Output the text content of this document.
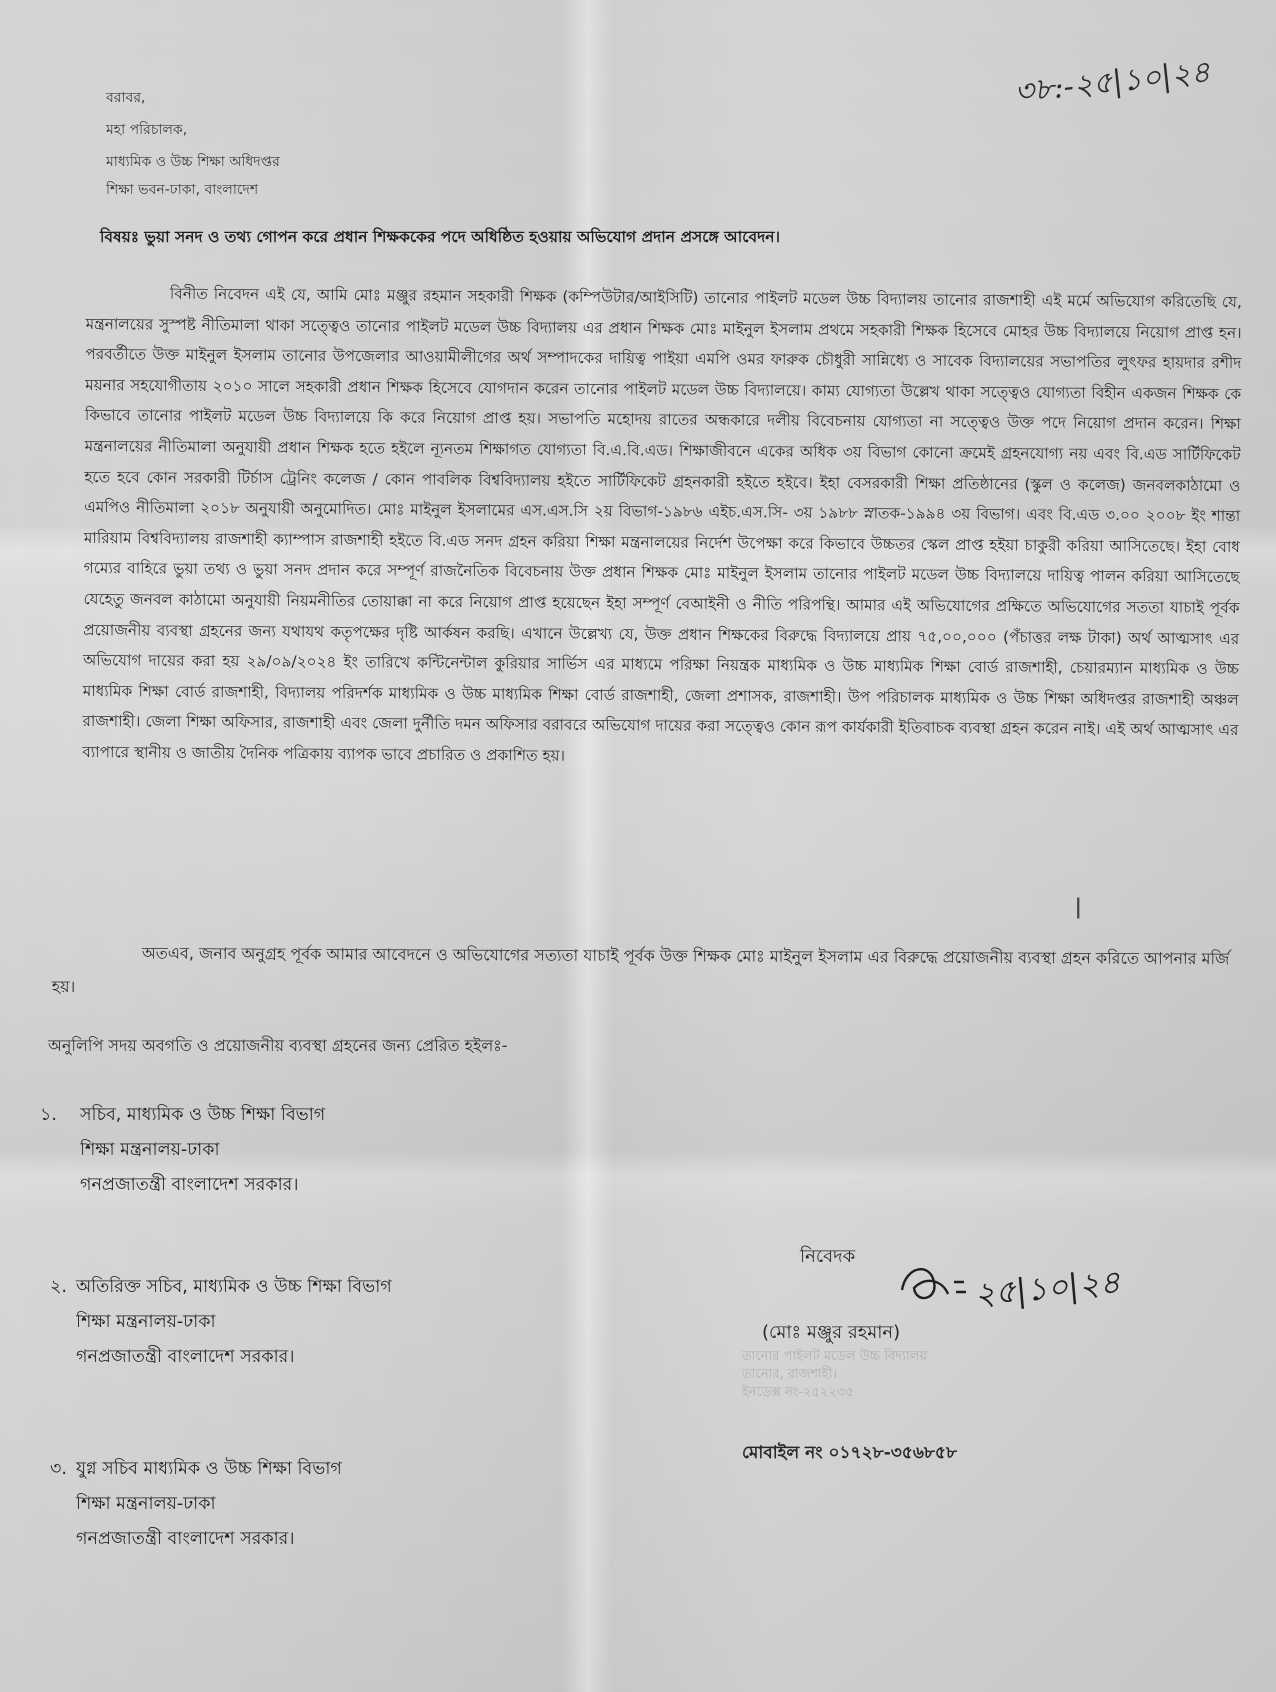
৩৮:-২৫|১০|২৪
বরাবর,
মহা পরিচালক,
মাধ্যমিক ও উচ্চ শিক্ষা অধিদপ্তর
শিক্ষা ভবন-ঢাকা, বাংলাদেশ
বিষয়ঃ ভুয়া সনদ ও তথ্য গোপন করে প্রধান শিক্ষককের পদে অধিষ্ঠিত হওয়ায় অভিযোগ প্রদান প্রসঙ্গে আবেদন।
বিনীত নিবেদন এই যে, আমি মোঃ মঞ্জুর রহমান সহকারী শিক্ষক (কম্পিউটার/আইসিটি) তানোর পাইলট মডেল উচ্চ বিদ্যালয় তানোর রাজশাহী এই মর্মে অভিযোগ করিতেছি যে, মন্ত্রনালয়ের সুস্পষ্ট নীতিমালা থাকা সত্ত্বেও তানোর পাইলট মডেল উচ্চ বিদ্যালয় এর প্রধান শিক্ষক মোঃ মাইনুল ইসলাম প্রথমে সহকারী শিক্ষক হিসেবে মোহর উচ্চ বিদ্যালয়ে নিয়োগ প্রাপ্ত হন। পরবর্তীতে উক্ত মাইনুল ইসলাম তানোর উপজেলার আওয়ামীলীগের অর্থ সম্পাদকের দায়িত্ব পাইয়া এমপি ওমর ফারুক চৌধুরী সান্নিধ্যে ও সাবেক বিদ্যালয়ের সভাপতির লুৎফর হায়দার রশীদ ময়নার সহযোগীতায় ২০১০ সালে সহকারী প্রধান শিক্ষক হিসেবে যোগদান করেন তানোর পাইলট মডেল উচ্চ বিদ্যালয়ে। কাম্য যোগ্যতা উল্লেখ থাকা সত্ত্বেও যোগ্যতা বিহীন একজন শিক্ষক কে কিভাবে তানোর পাইলট মডেল উচ্চ বিদ্যালয়ে কি করে নিয়োগ প্রাপ্ত হয়। সভাপতি মহোদয় রাতের অন্ধকারে দলীয় বিবেচনায় যোগ্যতা না সত্ত্বেও উক্ত পদে নিয়োগ প্রদান করেন। শিক্ষা মন্ত্রনালয়ের নীতিমালা অনুযায়ী প্রধান শিক্ষক হতে হইলে ন্যূনতম শিক্ষাগত যোগ্যতা বি.এ.বি.এড। শিক্ষাজীবনে একের অধিক ৩য় বিভাগ কোনো ক্রমেই গ্রহনযোগ্য নয় এবং বি.এড সার্টিফিকেট হতে হবে কোন সরকারী টির্চাস ট্রেনিং কলেজ / কোন পাবলিক বিশ্ববিদ্যালয় হইতে সার্টিফিকেট গ্রহনকারী হইতে হইবে। ইহা বেসরকারী শিক্ষা প্রতিষ্ঠানের (স্কুল ও কলেজ) জনবলকাঠামো ও এমপিও নীতিমালা ২০১৮ অনুযায়ী অনুমোদিত। মোঃ মাইনুল ইসলামের এস.এস.সি ২য় বিভাগ-১৯৮৬ এইচ.এস.সি- ৩য় ১৯৮৮ স্নাতক-১৯৯৪ ৩য় বিভাগ। এবং বি.এড ৩.০০ ২০০৮ ইং শান্তা মারিয়াম বিশ্ববিদ্যালয় রাজশাহী ক্যাম্পাস রাজশাহী হইতে বি.এড সনদ গ্রহন করিয়া শিক্ষা মন্ত্রনালয়ের নির্দেশ উপেক্ষা করে কিভাবে উচ্চতর স্কেল প্রাপ্ত হইয়া চাকুরী করিয়া আসিতেছে। ইহা বোধ গম্যের বাহিরে ভুয়া তথ্য ও ভুয়া সনদ প্রদান করে সম্পূর্ণ রাজনৈতিক বিবেচনায় উক্ত প্রধান শিক্ষক মোঃ মাইনুল ইসলাম তানোর পাইলট মডেল উচ্চ বিদ্যালয়ে দায়িত্ব পালন করিয়া আসিতেছে যেহেতু জনবল কাঠামো অনুযায়ী নিয়মনীতির তোয়াক্কা না করে নিয়োগ প্রাপ্ত হয়েছেন ইহা সম্পূর্ণ বেআইনী ও নীতি পরিপন্থি। আমার এই অভিযোগের প্রক্ষিতে অভিযোগের সততা যাচাই পূর্বক প্রয়োজনীয় ব্যবস্থা গ্রহনের জন্য যথাযথ কতৃপক্ষের দৃষ্টি আর্কষন করছি। এখানে উল্লেখ্য যে, উক্ত প্রধান শিক্ষকের বিরুদ্ধে বিদ্যালয়ে প্রায় ৭৫,০০,০০০ (পঁচাত্তর লক্ষ টাকা) অর্থ আত্মসাৎ এর অভিযোগ দায়ের করা হয় ২৯/০৯/২০২৪ ইং তারিখে কন্টিনেন্টাল কুরিয়ার সার্ভিস এর মাধ্যমে পরিক্ষা নিয়ন্ত্রক মাধ্যমিক ও উচ্চ মাধ্যমিক শিক্ষা বোর্ড রাজশাহী, চেয়ারম্যান মাধ্যমিক ও উচ্চ মাধ্যমিক শিক্ষা বোর্ড রাজশাহী, বিদ্যালয় পরিদর্শক মাধ্যমিক ও উচ্চ মাধ্যমিক শিক্ষা বোর্ড রাজশাহী, জেলা প্রশাসক, রাজশাহী। উপ পরিচালক মাধ্যমিক ও উচ্চ শিক্ষা অধিদপ্তর রাজশাহী অঞ্চল রাজশাহী। জেলা শিক্ষা অফিসার, রাজশাহী এবং জেলা দুর্নীতি দমন অফিসার বরাবরে অভিযোগ দায়ের করা সত্ত্বেও কোন রূপ কার্যকারী ইতিবাচক ব্যবস্থা গ্রহন করেন নাই। এই অর্থ আত্মসাৎ এর ব্যাপারে স্থানীয় ও জাতীয় দৈনিক পত্রিকায় ব্যাপক ভাবে প্রচারিত ও প্রকাশিত হয়।
ǀ
অতএব, জনাব অনুগ্রহ পূর্বক আমার আবেদনে ও অভিযোগের সত্যতা যাচাই পূর্বক উক্ত শিক্ষক মোঃ মাইনুল ইসলাম এর বিরুদ্ধে প্রয়োজনীয় ব্যবস্থা গ্রহন করিতে আপনার মর্জি হয়।
অনুলিপি সদয় অবগতি ও প্রয়োজনীয় ব্যবস্থা গ্রহনের জন্য প্রেরিত হইলঃ-
১. সচিব, মাধ্যমিক ও উচ্চ শিক্ষা বিভাগ
শিক্ষা মন্ত্রনালয়-ঢাকা
গনপ্রজাতন্ত্রী বাংলাদেশ সরকার।
২. অতিরিক্ত সচিব, মাধ্যমিক ও উচ্চ শিক্ষা বিভাগ
শিক্ষা মন্ত্রনালয়-ঢাকা
গনপ্রজাতন্ত্রী বাংলাদেশ সরকার।
৩. যুগ্ন সচিব মাধ্যমিক ও উচ্চ শিক্ষা বিভাগ
শিক্ষা মন্ত্রনালয়-ঢাকা
গনপ্রজাতন্ত্রী বাংলাদেশ সরকার।
নিবেদক
২৫|১০|২৪
(মোঃ মঞ্জুর রহমান)
তানোর পাইলট মডেল উচ্চ বিদ্যালয়
তানোর, রাজশাহী।
ইনডেক্স নং-২৫২২৩৫
মোবাইল নং ০১৭২৮-৩৫৬৮৫৮
